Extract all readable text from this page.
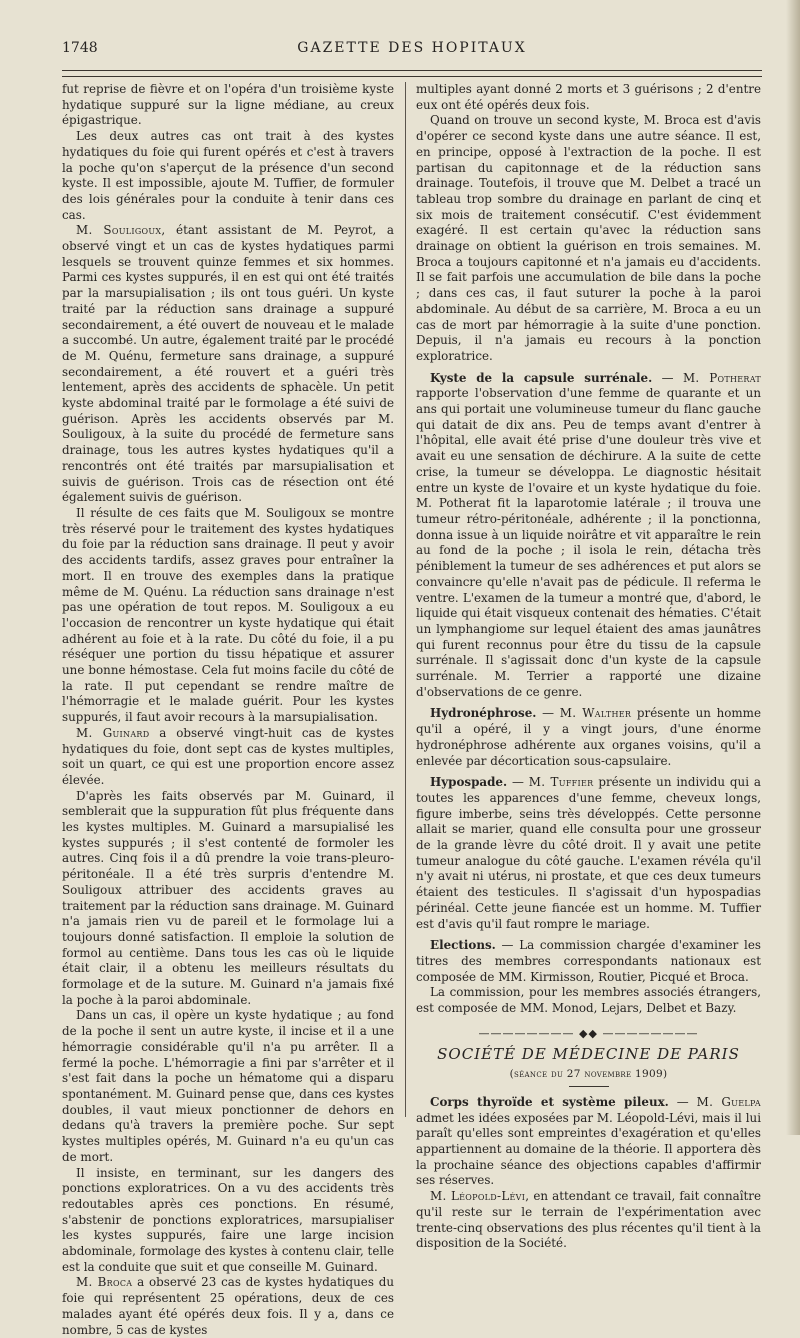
1748	GAZETTE DES HOPITAUX

fut reprise de fièvre et on l'opéra d'un troisième kyste hydatique suppuré sur la ligne médiane, au creux épigastrique.

Les deux autres cas ont trait à des kystes hydatiques du foie qui furent opérés et c'est à travers la poche qu'on s'aperçut de la présence d'un second kyste. Il est impossible, ajoute M. Tuffier, de formuler des lois générales pour la conduite à tenir dans ces cas.

M. Souligoux, étant assistant de M. Peyrot, a observé vingt et un cas de kystes hydatiques parmi lesquels se trouvent quinze femmes et six hommes. Parmi ces kystes suppurés, il en est qui ont été traités par la marsupialisation ; ils ont tous guéri. Un kyste traité par la réduction sans drainage a suppuré secondairement, a été ouvert de nouveau et le malade a succombé. Un autre, également traité par le procédé de M. Quénu, fermeture sans drainage, a suppuré secondairement, a été rouvert et a guéri très lentement, après des accidents de sphacèle. Un petit kyste abdominal traité par le formolage a été suivi de guérison. Après les accidents observés par M. Souligoux, à la suite du procédé de fermeture sans drainage, tous les autres kystes hydatiques qu'il a rencontrés ont été traités par marsupialisation et suivis de guérison. Trois cas de résection ont été également suivis de guérison.

Il résulte de ces faits que M. Souligoux se montre très réservé pour le traitement des kystes hydatiques du foie par la réduction sans drainage. Il peut y avoir des accidents tardifs, assez graves pour entraîner la mort. Il en trouve des exemples dans la pratique même de M. Quénu. La réduction sans drainage n'est pas une opération de tout repos. M. Souligoux a eu l'occasion de rencontrer un kyste hydatique qui était adhérent au foie et à la rate. Du côté du foie, il a pu réséquer une portion du tissu hépatique et assurer une bonne hémostase. Cela fut moins facile du côté de la rate. Il put cependant se rendre maître de l'hémorragie et le malade guérit. Pour les kystes suppurés, il faut avoir recours à la marsupialisation.

M. Guinard a observé vingt-huit cas de kystes hydatiques du foie, dont sept cas de kystes multiples, soit un quart, ce qui est une proportion encore assez élevée.

D'après les faits observés par M. Guinard, il semblerait que la suppuration fût plus fréquente dans les kystes multiples. M. Guinard a marsupialisé les kystes suppurés ; il s'est contenté de formoler les autres. Cinq fois il a dû prendre la voie trans-pleuro-péritonéale. Il a été très surpris d'entendre M. Souligoux attribuer des accidents graves au traitement par la réduction sans drainage. M. Guinard n'a jamais rien vu de pareil et le formolage lui a toujours donné satisfaction. Il emploie la solution de formol au centième. Dans tous les cas où le liquide était clair, il a obtenu les meilleurs résultats du formolage et de la suture. M. Guinard n'a jamais fixé la poche à la paroi abdominale.

Dans un cas, il opère un kyste hydatique ; au fond de la poche il sent un autre kyste, il incise et il a une hémorragie considérable qu'il n'a pu arrêter. Il a fermé la poche. L'hémorragie a fini par s'arrêter et il s'est fait dans la poche un hématome qui a disparu spontanément. M. Guinard pense que, dans ces kystes doubles, il vaut mieux ponctionner de dehors en dedans qu'à travers la première poche. Sur sept kystes multiples opérés, M. Guinard n'a eu qu'un cas de mort.

Il insiste, en terminant, sur les dangers des ponctions exploratrices. On a vu des accidents très redoutables après ces ponctions. En résumé, s'abstenir de ponctions exploratrices, marsupialiser les kystes suppurés, faire une large incision abdominale, formolage des kystes à contenu clair, telle est la conduite que suit et que conseille M. Guinard.

M. Broca a observé 23 cas de kystes hydatiques du foie qui représentent 25 opérations, deux de ces malades ayant été opérés deux fois. Il y a, dans ce nombre, 5 cas de kystes

multiples ayant donné 2 morts et 3 guérisons ; 2 d'entre eux ont été opérés deux fois.

Quand on trouve un second kyste, M. Broca est d'avis d'opérer ce second kyste dans une autre séance. Il est, en principe, opposé à l'extraction de la poche. Il est partisan du capitonnage et de la réduction sans drainage. Toutefois, il trouve que M. Delbet a tracé un tableau trop sombre du drainage en parlant de cinq et six mois de traitement consécutif. C'est évidemment exagéré. Il est certain qu'avec la réduction sans drainage on obtient la guérison en trois semaines. M. Broca a toujours capitonné et n'a jamais eu d'accidents. Il se fait parfois une accumulation de bile dans la poche ; dans ces cas, il faut suturer la poche à la paroi abdominale. Au début de sa carrière, M. Broca a eu un cas de mort par hémorragie à la suite d'une ponction. Depuis, il n'a jamais eu recours à la ponction exploratrice.

Kyste de la capsule surrénale. — M. Potherat rapporte l'observation d'une femme de quarante et un ans qui portait une volumineuse tumeur du flanc gauche qui datait de dix ans. Peu de temps avant d'entrer à l'hôpital, elle avait été prise d'une douleur très vive et avait eu une sensation de déchirure. A la suite de cette crise, la tumeur se développa. Le diagnostic hésitait entre un kyste de l'ovaire et un kyste hydatique du foie. M. Potherat fit la laparotomie latérale ; il trouva une tumeur rétro-péritonéale, adhérente ; il la ponctionna, donna issue à un liquide noirâtre et vit apparaître le rein au fond de la poche ; il isola le rein, détacha très péniblement la tumeur de ses adhérences et put alors se convaincre qu'elle n'avait pas de pédicule. Il referma le ventre. L'examen de la tumeur a montré que, d'abord, le liquide qui était visqueux contenait des hématies. C'était un lymphangiome sur lequel étaient des amas jaunâtres qui furent reconnus pour être du tissu de la capsule surrénale. Il s'agissait donc d'un kyste de la capsule surrénale. M. Terrier a rapporté une dizaine d'observations de ce genre.

Hydronéphrose. — M. Walther présente un homme qu'il a opéré, il y a vingt jours, d'une énorme hydronéphrose adhérente aux organes voisins, qu'il a enlevée par décortication sous-capsulaire.

Hypospade. — M. Tuffier présente un individu qui a toutes les apparences d'une femme, cheveux longs, figure imberbe, seins très développés. Cette personne allait se marier, quand elle consulta pour une grosseur de la grande lèvre du côté droit. Il y avait une petite tumeur analogue du côté gauche. L'examen révéla qu'il n'y avait ni utérus, ni prostate, et que ces deux tumeurs étaient des testicules. Il s'agissait d'un hypospadias périnéal. Cette jeune fiancée est un homme. M. Tuffier est d'avis qu'il faut rompre le mariage.

Elections. — La commission chargée d'examiner les titres des membres correspondants nationaux est composée de MM. Kirmisson, Routier, Picqué et Broca.

La commission, pour les membres associés étrangers, est composée de MM. Monod, Lejars, Delbet et Bazy.

———————— ◆◆ ————————
SOCIÉTÉ DE MÉDECINE DE PARIS
(séance du 27 novembre 1909)

Corps thyroïde et système pileux. — M. Guelpa admet les idées exposées par M. Léopold-Lévi, mais il lui paraît qu'elles sont empreintes d'exagération et qu'elles appartiennent au domaine de la théorie. Il apportera dès la prochaine séance des objections capables d'affirmir ses réserves.

M. Léopold-Lévi, en attendant ce travail, fait connaître qu'il reste sur le terrain de l'expérimentation avec trente-cinq observations des plus récentes qu'il tient à la disposition de la Société.
